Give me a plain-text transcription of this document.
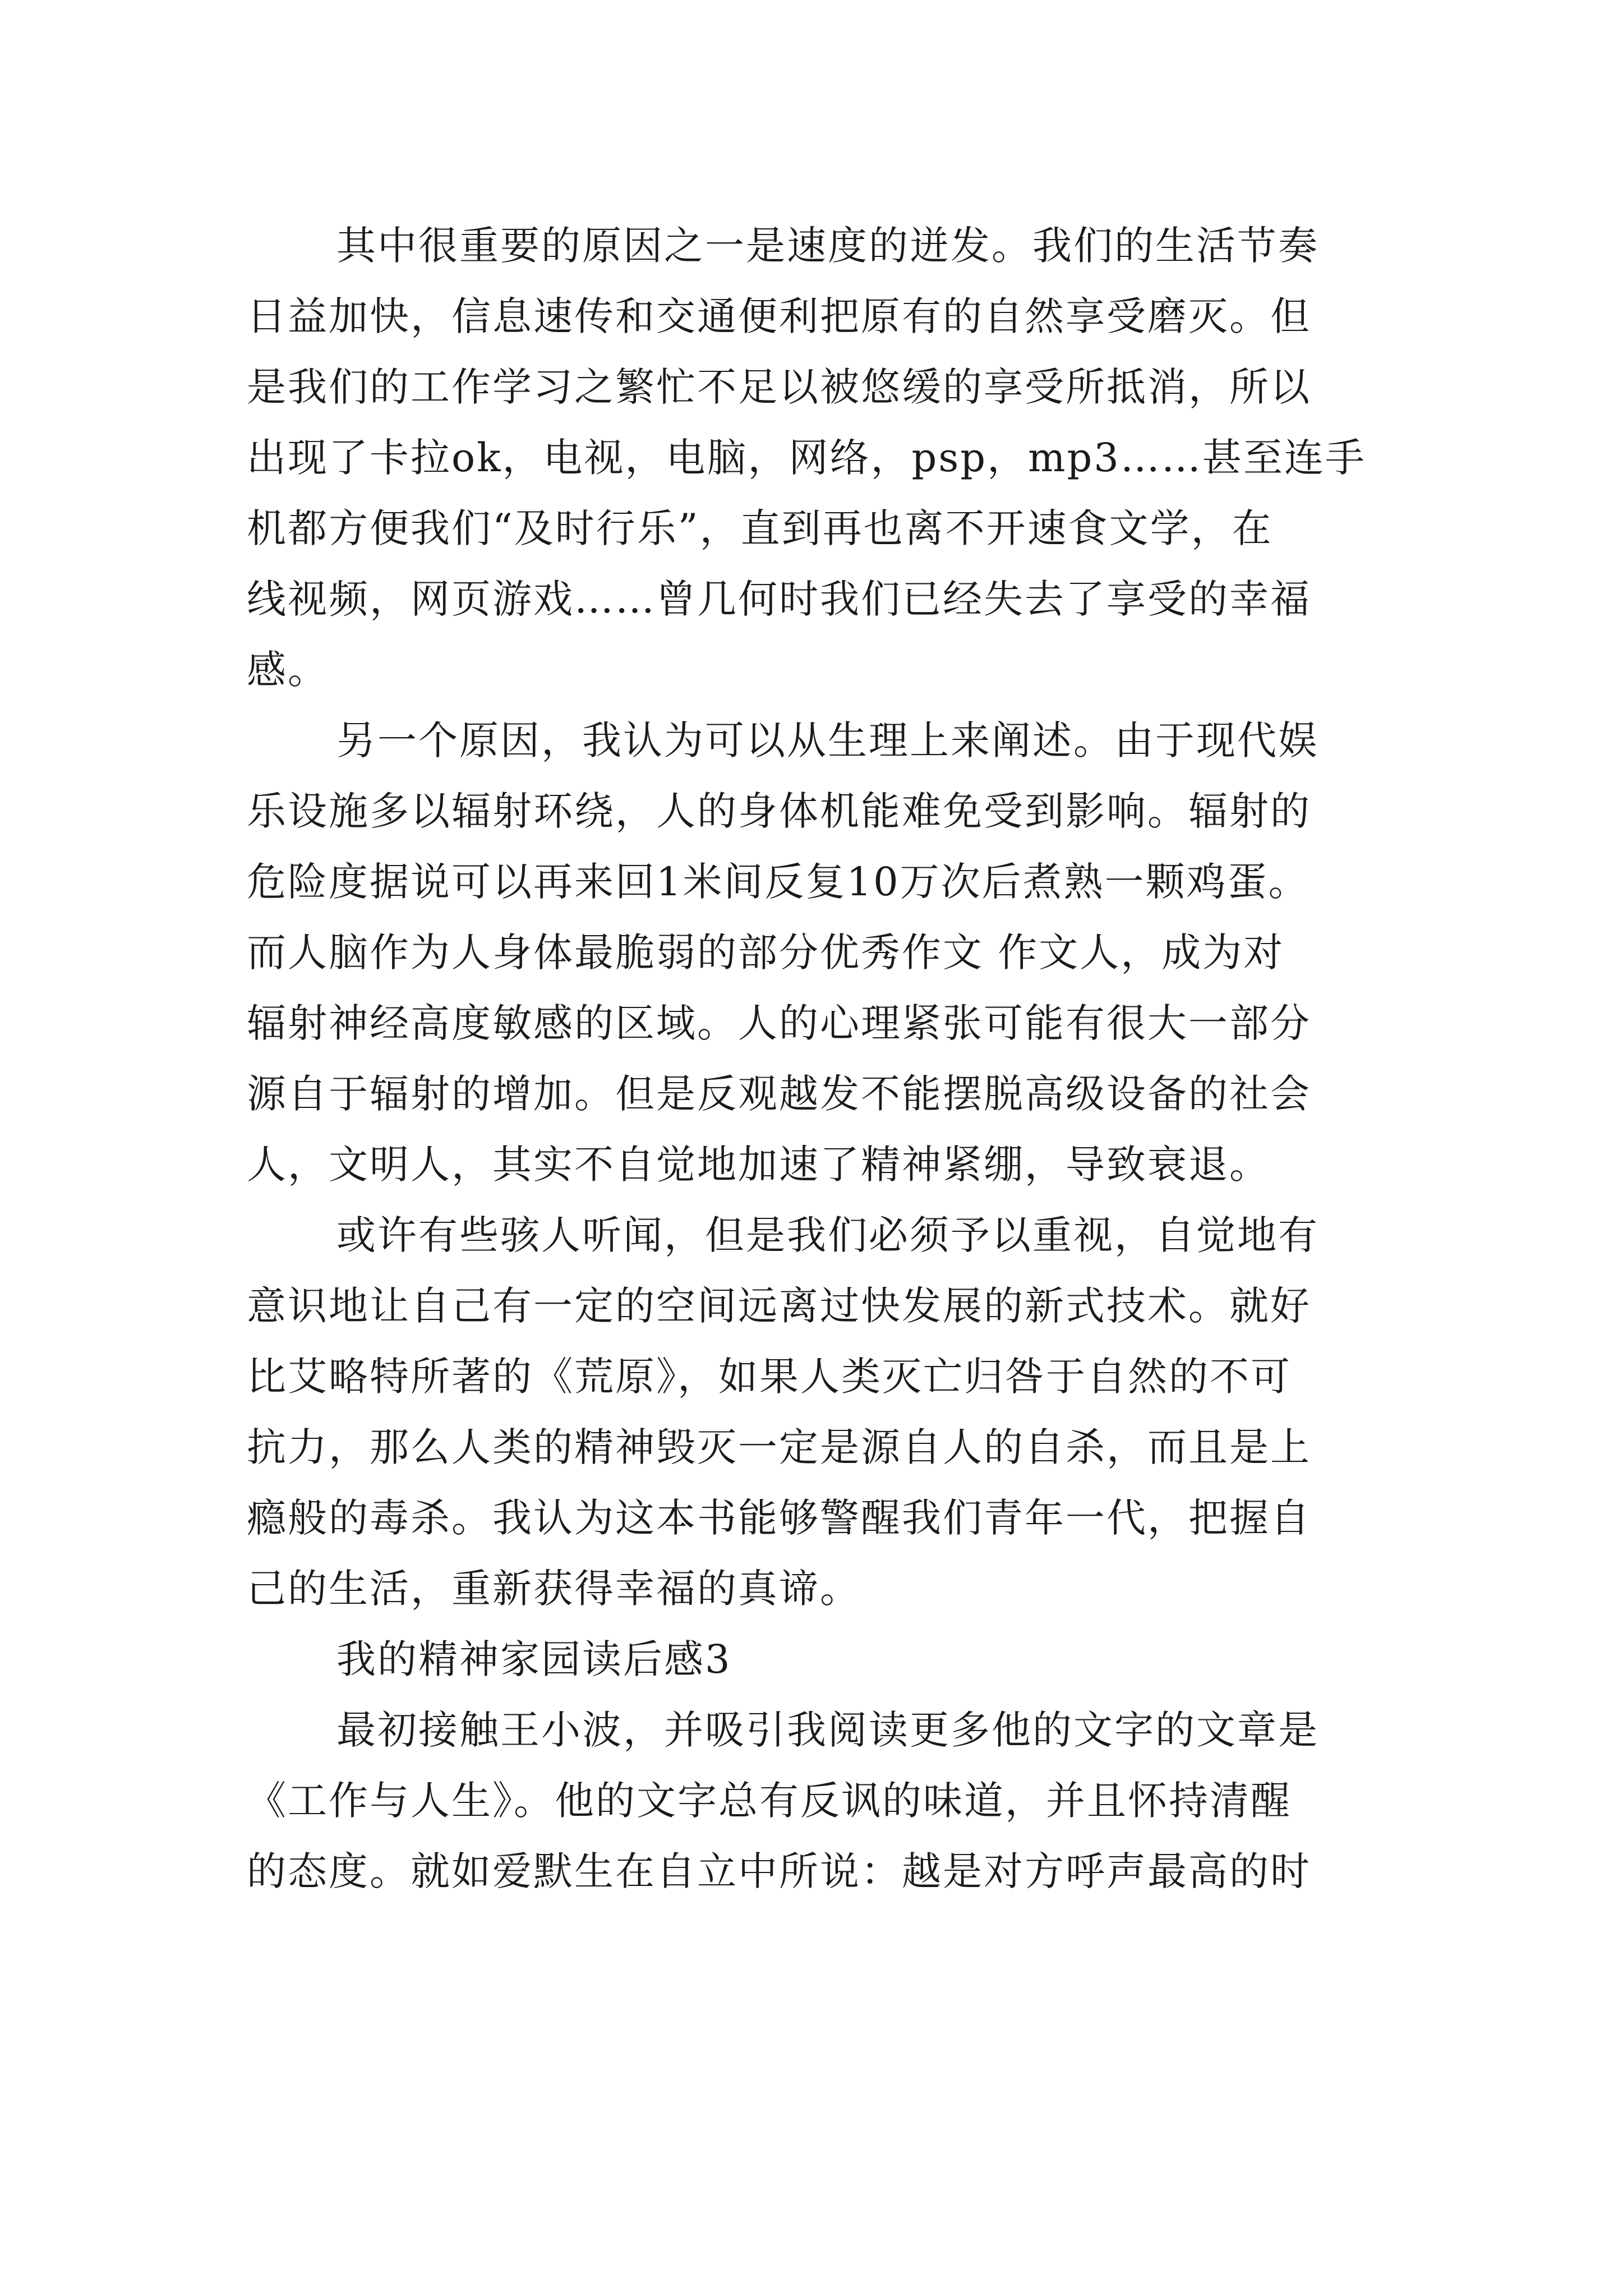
其中很重要的原因之一是速度的迸发。我们的生活节奏
日益加快，信息速传和交通便利把原有的自然享受磨灭。但
是我们的工作学习之繁忙不足以被悠缓的享受所抵消，所以
出现了卡拉ok，电视，电脑，网络，psp，mp3……甚至连手
机都方便我们“及时行乐”，直到再也离不开速食文学，在
线视频，网页游戏……曾几何时我们已经失去了享受的幸福
感。
另一个原因，我认为可以从生理上来阐述。由于现代娱
乐设施多以辐射环绕，人的身体机能难免受到影响。辐射的
危险度据说可以再来回1米间反复10万次后煮熟一颗鸡蛋。
而人脑作为人身体最脆弱的部分优秀作文 作文人，成为对
辐射神经高度敏感的区域。人的心理紧张可能有很大一部分
源自于辐射的增加。但是反观越发不能摆脱高级设备的社会
人，文明人，其实不自觉地加速了精神紧绷，导致衰退。
或许有些骇人听闻，但是我们必须予以重视，自觉地有
意识地让自己有一定的空间远离过快发展的新式技术。就好
比艾略特所著的《荒原》，如果人类灭亡归咎于自然的不可
抗力，那么人类的精神毁灭一定是源自人的自杀，而且是上
瘾般的毒杀。我认为这本书能够警醒我们青年一代，把握自
己的生活，重新获得幸福的真谛。
我的精神家园读后感3
最初接触王小波，并吸引我阅读更多他的文字的文章是
《工作与人生》。他的文字总有反讽的味道，并且怀持清醒
的态度。就如爱默生在自立中所说：越是对方呼声最高的时
